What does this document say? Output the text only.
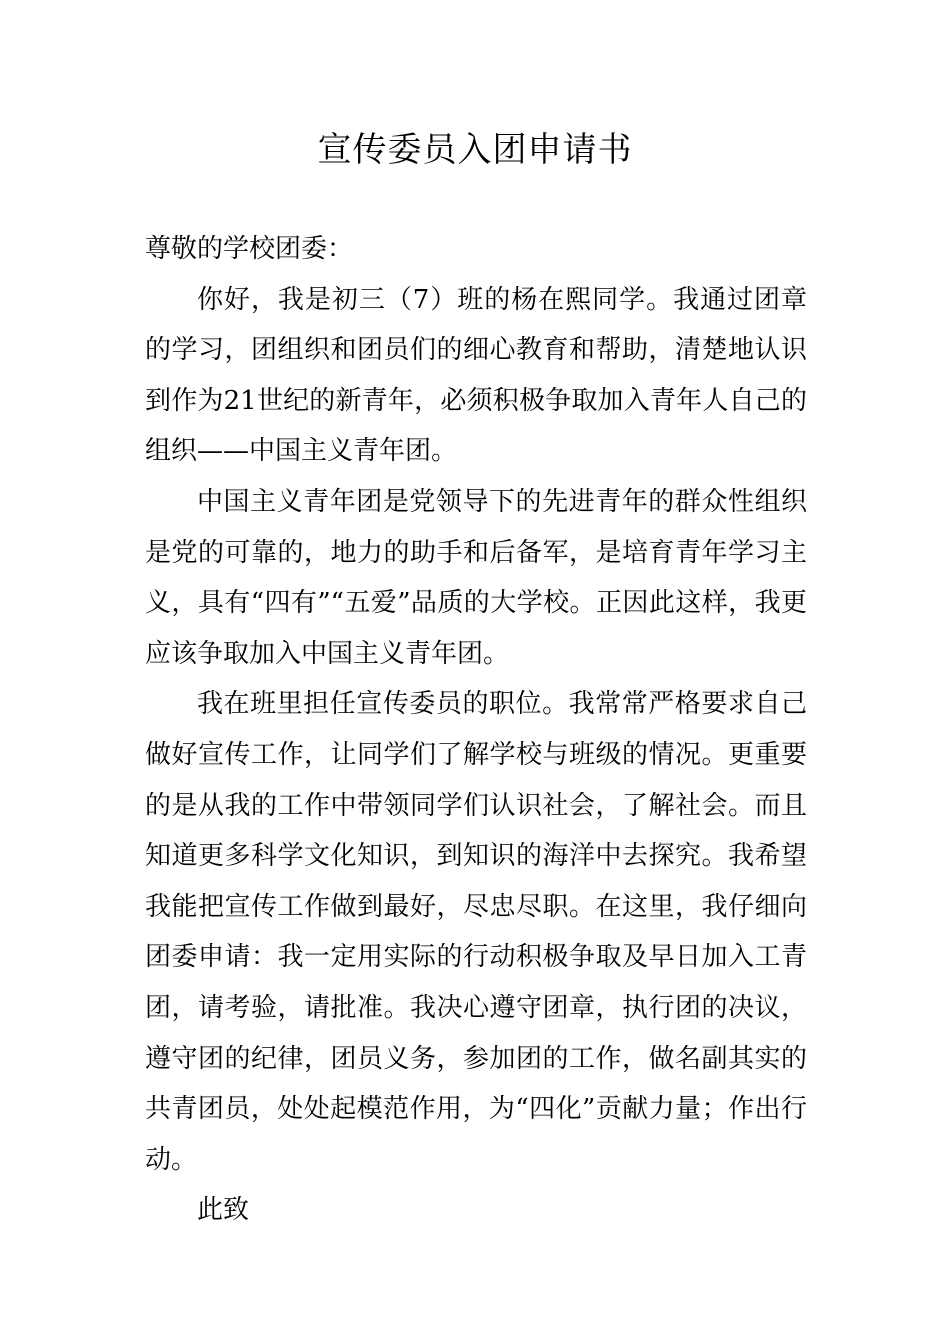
宣传委员入团申请书

尊敬的学校团委：

你好，我是初三（7）班的杨在熙同学。我通过团章的学习，团组织和团员们的细心教育和帮助，清楚地认识到作为21世纪的新青年，必须积极争取加入青年人自己的组织——中国主义青年团。

中国主义青年团是党领导下的先进青年的群众性组织是党的可靠的，地力的助手和后备军，是培育青年学习主义，具有“四有”“五爱”品质的大学校。正因此这样，我更应该争取加入中国主义青年团。

我在班里担任宣传委员的职位。我常常严格要求自己做好宣传工作，让同学们了解学校与班级的情况。更重要的是从我的工作中带领同学们认识社会，了解社会。而且知道更多科学文化知识，到知识的海洋中去探究。我希望我能把宣传工作做到最好，尽忠尽职。在这里，我仔细向团委申请：我一定用实际的行动积极争取及早日加入工青团，请考验，请批准。我决心遵守团章，执行团的决议，遵守团的纪律，团员义务，参加团的工作，做名副其实的共青团员，处处起模范作用，为“四化”贡献力量；作出行动。

此致
